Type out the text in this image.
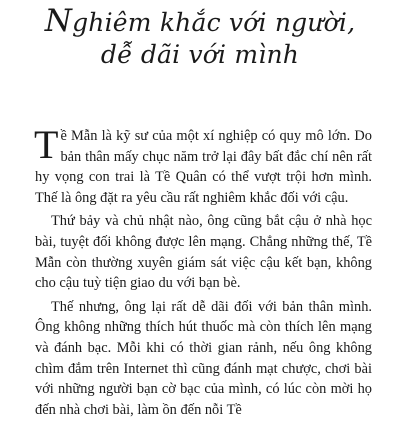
Nghiêm khắc với người,
dễ dãi với mình

Tề Mẫn là kỹ sư của một xí nghiệp có quy mô lớn. Do bản thân mấy chục năm trở lại đây bất đắc chí nên rất hy vọng con trai là Tề Quân có thể vượt trội hơn mình. Thế là ông đặt ra yêu cầu rất nghiêm khắc đối với cậu.

Thứ bảy và chủ nhật nào, ông cũng bắt cậu ở nhà học bài, tuyệt đối không được lên mạng. Chẳng những thế, Tề Mẫn còn thường xuyên giám sát việc cậu kết bạn, không cho cậu tuỳ tiện giao du với bạn bè.

Thế nhưng, ông lại rất dễ dãi đối với bản thân mình. Ông không những thích hút thuốc mà còn thích lên mạng và đánh bạc. Mỗi khi có thời gian rảnh, nếu ông không chìm đắm trên Internet thì cũng đánh mạt chược, chơi bài với những người bạn cờ bạc của mình, có lúc còn mời họ đến nhà chơi bài, làm ồn đến nỗi Tề
